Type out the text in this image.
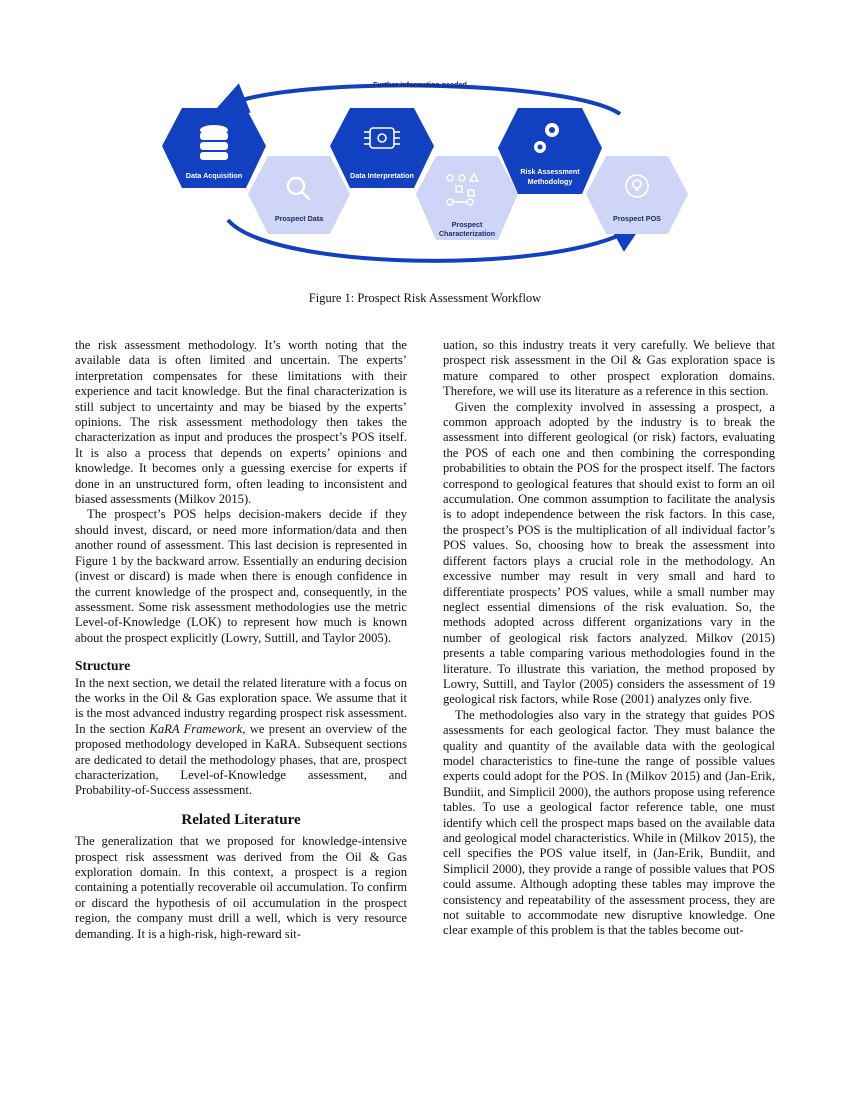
Further information needed
Data Acquisition
Prospect Data
Data Interpretation
Prospect
Characterization
Risk Assessment
Methodology
Prospect POS
Figure 1: Prospect Risk Assessment Workflow

the risk assessment methodology. It’s worth noting that the available data is often limited and uncertain. The experts’ interpretation compensates for these limitations with their experience and tacit knowledge. But the final characterization is still subject to uncertainty and may be biased by the experts’ opinions. The risk assessment methodology then takes the characterization as input and produces the prospect’s POS itself. It is also a process that depends on experts’ opinions and knowledge. It becomes only a guessing exercise for experts if done in an unstructured form, often leading to inconsistent and biased assessments (Milkov 2015).

The prospect’s POS helps decision-makers decide if they should invest, discard, or need more information/data and then another round of assessment. This last decision is represented in Figure 1 by the backward arrow. Essentially an enduring decision (invest or discard) is made when there is enough confidence in the current knowledge of the prospect and, consequently, in the assessment. Some risk assessment methodologies use the metric Level-of-Knowledge (LOK) to represent how much is known about the prospect explicitly (Lowry, Suttill, and Taylor 2005).

Structure

In the next section, we detail the related literature with a focus on the works in the Oil & Gas exploration space. We assume that it is the most advanced industry regarding prospect risk assessment. In the section KaRA Framework, we present an overview of the proposed methodology developed in KaRA. Subsequent sections are dedicated to detail the methodology phases, that are, prospect characterization, Level-of-Knowledge assessment, and Probability-of-Success assessment.

Related Literature

The generalization that we proposed for knowledge-intensive prospect risk assessment was derived from the Oil & Gas exploration domain. In this context, a prospect is a region containing a potentially recoverable oil accumulation. To confirm or discard the hypothesis of oil accumulation in the prospect region, the company must drill a well, which is very resource demanding. It is a high-risk, high-reward sit-

uation, so this industry treats it very carefully. We believe that prospect risk assessment in the Oil & Gas exploration space is mature compared to other prospect exploration domains. Therefore, we will use its literature as a reference in this section.

Given the complexity involved in assessing a prospect, a common approach adopted by the industry is to break the assessment into different geological (or risk) factors, evaluating the POS of each one and then combining the corresponding probabilities to obtain the POS for the prospect itself. The factors correspond to geological features that should exist to form an oil accumulation. One common assumption to facilitate the analysis is to adopt independence between the risk factors. In this case, the prospect’s POS is the multiplication of all individual factor’s POS values. So, choosing how to break the assessment into different factors plays a crucial role in the methodology. An excessive number may result in very small and hard to differentiate prospects’ POS values, while a small number may neglect essential dimensions of the risk evaluation. So, the methods adopted across different organizations vary in the number of geological risk factors analyzed. Milkov (2015) presents a table comparing various methodologies found in the literature. To illustrate this variation, the method proposed by Lowry, Suttill, and Taylor (2005) considers the assessment of 19 geological risk factors, while Rose (2001) analyzes only five.

The methodologies also vary in the strategy that guides POS assessments for each geological factor. They must balance the quality and quantity of the available data with the geological model characteristics to fine-tune the range of possible values experts could adopt for the POS. In (Milkov 2015) and (Jan-Erik, Bundiit, and Simplicil 2000), the authors propose using reference tables. To use a geological factor reference table, one must identify which cell the prospect maps based on the available data and geological model characteristics. While in (Milkov 2015), the cell specifies the POS value itself, in (Jan-Erik, Bundiit, and Simplicil 2000), they provide a range of possible values that POS could assume. Although adopting these tables may improve the consistency and repeatability of the assessment process, they are not suitable to accommodate new disruptive knowledge. One clear example of this problem is that the tables become out-
